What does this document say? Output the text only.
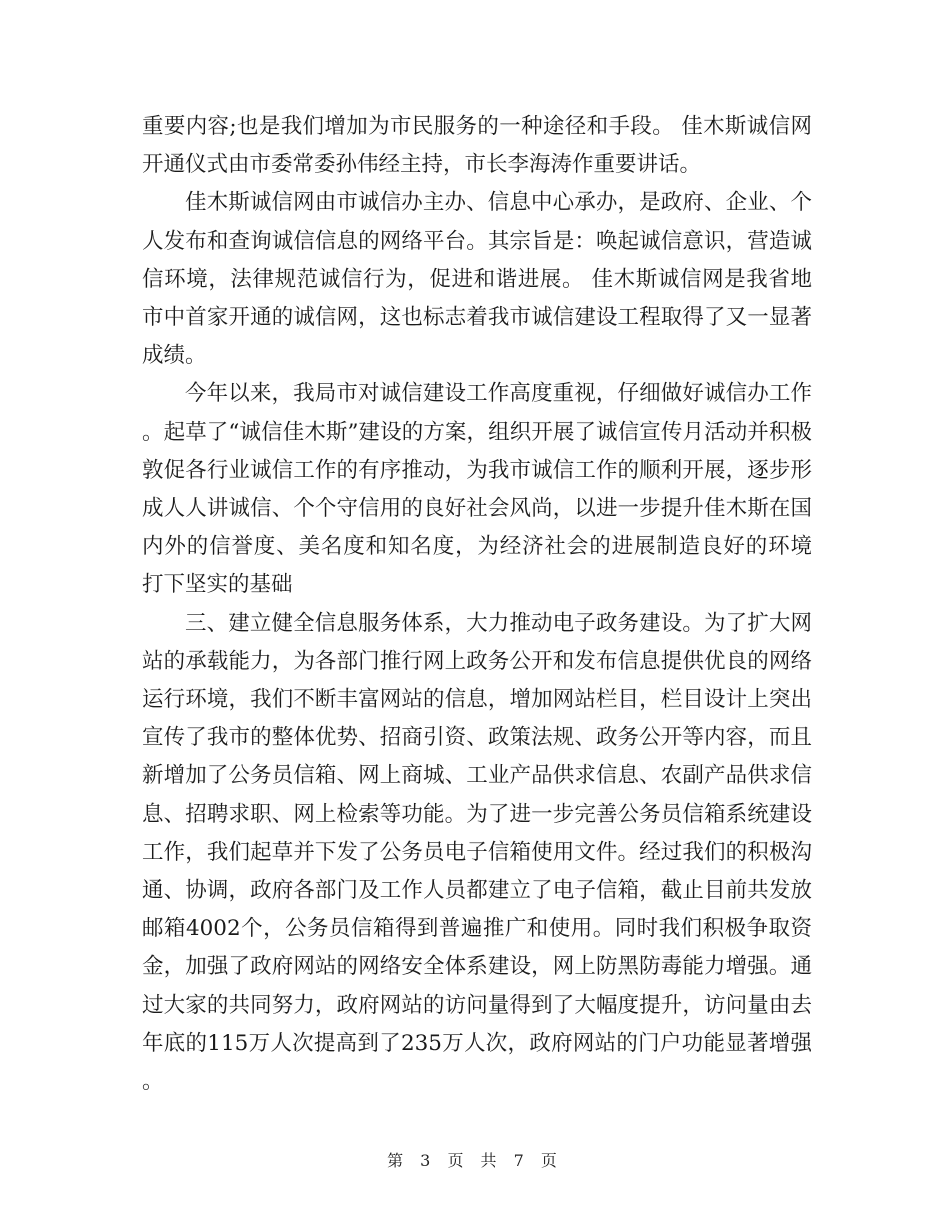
重要内容;也是我们增加为市民服务的一种途径和手段。 佳木斯诚信网开通仪式由市委常委孙伟经主持，市长李海涛作重要讲话。

佳木斯诚信网由市诚信办主办、信息中心承办，是政府、企业、个人发布和查询诚信信息的网络平台。其宗旨是：唤起诚信意识，营造诚信环境，法律规范诚信行为，促进和谐进展。 佳木斯诚信网是我省地市中首家开通的诚信网，这也标志着我市诚信建设工程取得了又一显著成绩。

今年以来，我局市对诚信建设工作高度重视，仔细做好诚信办工作。起草了“诚信佳木斯”建设的方案，组织开展了诚信宣传月活动并积极敦促各行业诚信工作的有序推动，为我市诚信工作的顺利开展，逐步形成人人讲诚信、个个守信用的良好社会风尚，以进一步提升佳木斯在国内外的信誉度、美名度和知名度，为经济社会的进展制造良好的环境 打下坚实的基础

三、建立健全信息服务体系，大力推动电子政务建设。为了扩大网站的承载能力，为各部门推行网上政务公开和发布信息提供优良的网络运行环境，我们不断丰富网站的信息，增加网站栏目，栏目设计上突出宣传了我市的整体优势、招商引资、政策法规、政务公开等内容，而且新增加了公务员信箱、网上商城、工业产品供求信息、农副产品供求信息、招聘求职、网上检索等功能。为了进一步完善公务员信箱系统建设工作，我们起草并下发了公务员电子信箱使用文件。经过我们的积极沟通、协调，政府各部门及工作人员都建立了电子信箱，截止目前共发放邮箱4002个，公务员信箱得到普遍推广和使用。同时我们积极争取资金，加强了政府网站的网络安全体系建设，网上防黑防毒能力增强。通过大家的共同努力，政府网站的访问量得到了大幅度提升，访问量由去年底的115万人次提高到了235万人次，政府网站的门户功能显著增强。

第 3 页 共 7 页
